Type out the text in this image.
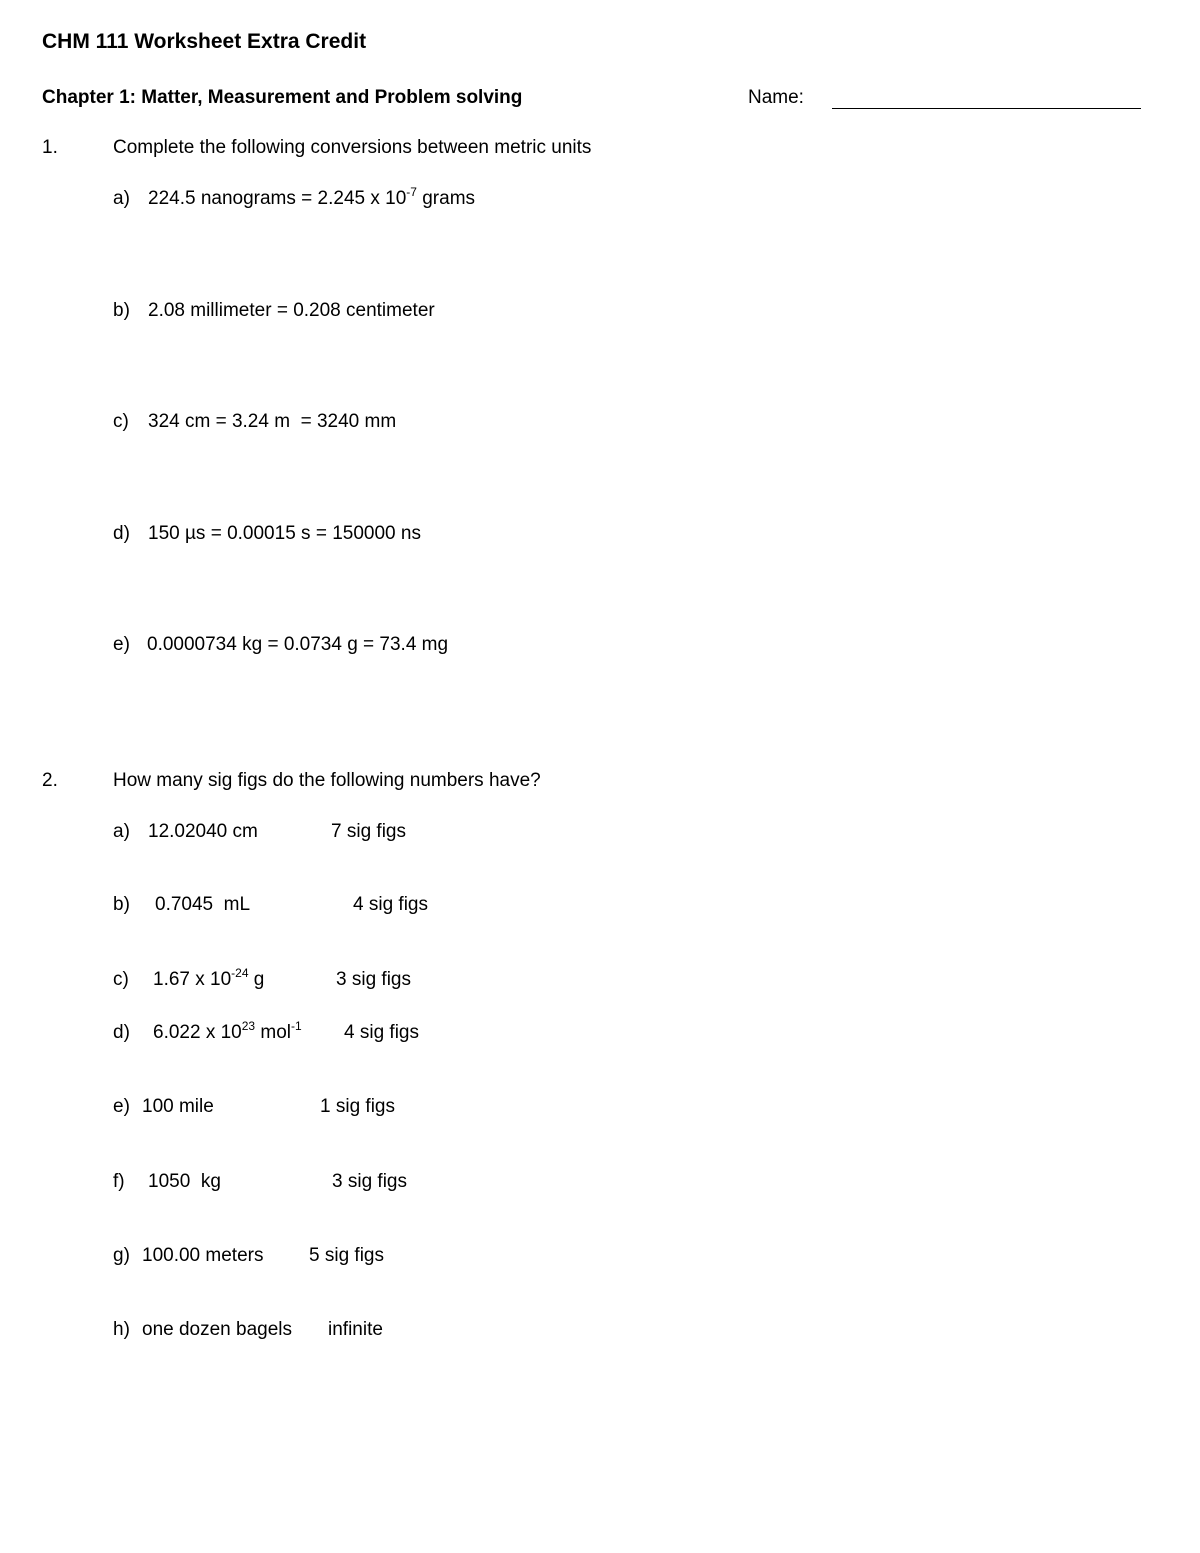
CHM 111 Worksheet Extra Credit
Chapter 1: Matter, Measurement and Problem solving	Name:
1.	Complete the following conversions between metric units
a) 224.5 nanograms = 2.245 x $10^{-7}$ grams
b) 2.08 millimeter = 0.208 centimeter
c) 324 cm = 3.24 m  = 3240 mm
d) 150 µs = 0.00015 s = 150000 ns
e) 0.0000734 kg = 0.0734 g = 73.4 mg
2.	How many sig figs do the following numbers have?
a) 12.02040 cm	7 sig figs
b) 0.7045  mL	4 sig figs
c) 1.67 x $10^{-24}$ g	3 sig figs
d) 6.022 x $10^{23}$ mol$^{-1}$ 4 sig figs
e) 100 mile	1 sig figs
f) 1050  kg	3 sig figs
g) 100.00 meters 5 sig figs
h) one dozen bagels infinite
